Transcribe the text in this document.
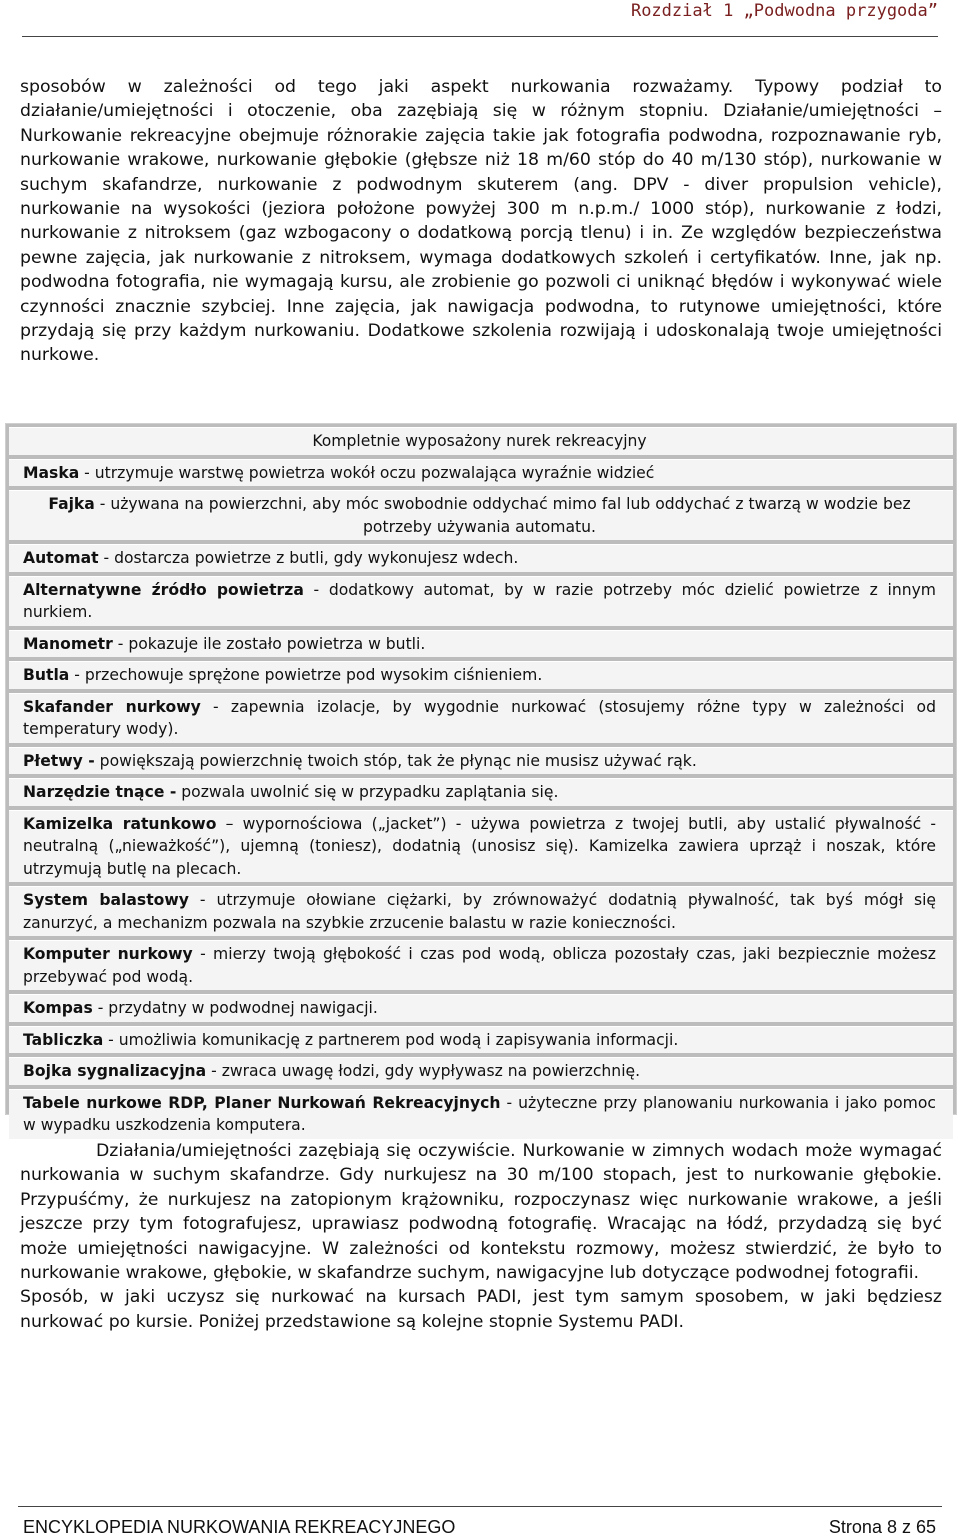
Rozdział 1 „Podwodna przygoda”

sposobów w zależności od tego jaki aspekt nurkowania rozważamy. Typowy podział to działanie/umiejętności i otoczenie, oba zazębiają się w różnym stopniu. Działanie/umiejętności – Nurkowanie rekreacyjne obejmuje różnorakie zajęcia takie jak fotografia podwodna, rozpoznawanie ryb, nurkowanie wrakowe, nurkowanie głębokie (głębsze niż 18 m/60 stóp do 40 m/130 stóp), nurkowanie w suchym skafandrze, nurkowanie z podwodnym skuterem (ang. DPV - diver propulsion vehicle), nurkowanie na wysokości (jeziora położone powyżej 300 m n.p.m./ 1000 stóp), nurkowanie z łodzi, nurkowanie z nitroksem (gaz wzbogacony o dodatkową porcją tlenu) i in. Ze względów bezpieczeństwa pewne zajęcia, jak nurkowanie z nitroksem, wymaga dodatkowych szkoleń i certyfikatów. Inne, jak np. podwodna fotografia, nie wymagają kursu, ale zrobienie go pozwoli ci uniknąć błędów i wykonywać wiele czynności znacznie szybciej. Inne zajęcia, jak nawigacja podwodna, to rutynowe umiejętności, które przydają się przy każdym nurkowaniu. Dodatkowe szkolenia rozwijają i udoskonalają twoje umiejętności nurkowe.

Kompletnie wyposażony nurek rekreacyjny
Maska - utrzymuje warstwę powietrza wokół oczu pozwalająca wyraźnie widzieć
Fajka - używana na powierzchni, aby móc swobodnie oddychać mimo fal lub oddychać z twarzą w wodzie bez potrzeby używania automatu.
Automat - dostarcza powietrze z butli, gdy wykonujesz wdech.
Alternatywne źródło powietrza - dodatkowy automat, by w razie potrzeby móc dzielić powietrze z innym nurkiem.
Manometr - pokazuje ile zostało powietrza w butli.
Butla - przechowuje sprężone powietrze pod wysokim ciśnieniem.
Skafander nurkowy - zapewnia izolacje, by wygodnie nurkować (stosujemy różne typy w zależności od temperatury wody).
Płetwy - powiększają powierzchnię twoich stóp, tak że płynąc nie musisz używać rąk.
Narzędzie tnące - pozwala uwolnić się w przypadku zaplątania się.
Kamizelka ratunkowo – wypornościowa („jacket”) - używa powietrza z twojej butli, aby ustalić pływalność - neutralną („nieważkość”), ujemną (toniesz), dodatnią (unosisz się). Kamizelka zawiera uprząż i noszak, które utrzymują butlę na plecach.
System balastowy - utrzymuje ołowiane ciężarki, by zrównoważyć dodatnią pływalność, tak byś mógł się zanurzyć, a mechanizm pozwala na szybkie zrzucenie balastu w razie konieczności.
Komputer nurkowy - mierzy twoją głębokość i czas pod wodą, oblicza pozostały czas, jaki bezpiecznie możesz przebywać pod wodą.
Kompas - przydatny w podwodnej nawigacji.
Tabliczka - umożliwia komunikację z partnerem pod wodą i zapisywania informacji.
Bojka sygnalizacyjna - zwraca uwagę łodzi, gdy wypływasz na powierzchnię.
Tabele nurkowe RDP, Planer Nurkowań Rekreacyjnych - użyteczne przy planowaniu nurkowania i jako pomoc w wypadku uszkodzenia komputera.

Działania/umiejętności zazębiają się oczywiście. Nurkowanie w zimnych wodach może wymagać nurkowania w suchym skafandrze. Gdy nurkujesz na 30 m/100 stopach, jest to nurkowanie głębokie. Przypuśćmy, że nurkujesz na zatopionym krążowniku, rozpoczynasz więc nurkowanie wrakowe, a jeśli jeszcze przy tym fotografujesz, uprawiasz podwodną fotografię. Wracając na łódź, przydadzą się być może umiejętności nawigacyjne. W zależności od kontekstu rozmowy, możesz stwierdzić, że było to nurkowanie wrakowe, głębokie, w skafandrze suchym, nawigacyjne lub dotyczące podwodnej fotografii.
Sposób, w jaki uczysz się nurkować na kursach PADI, jest tym samym sposobem, w jaki będziesz nurkować po kursie. Poniżej przedstawione są kolejne stopnie Systemu PADI.

ENCYKLOPEDIA NURKOWANIA REKREACYJNEGO	Strona 8 z 65
